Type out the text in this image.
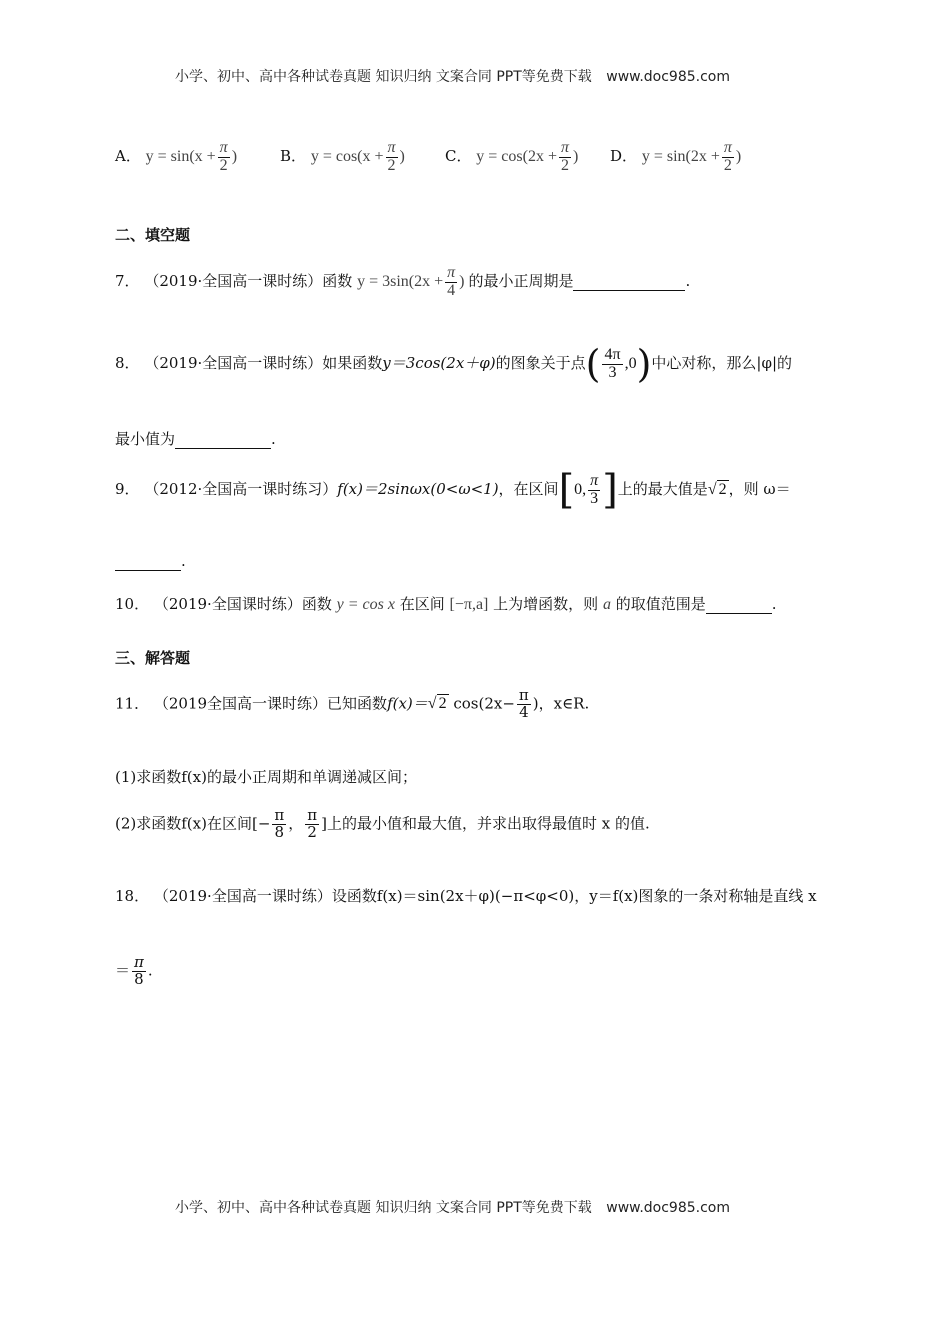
小学、初中、高中各种试卷真题 知识归纳 文案合同 PPT等免费下载 www.doc985.com
A． $y = \sin(x + \frac{\pi}{2}$ )	B． $y = \cos(x + \frac{\pi}{2}$ )	C． $y = \cos(2x + \frac{\pi}{2}$ ) D． $y = \sin(2x + \frac{\pi}{2}$ )
二、填空题
7． （2019·全国高一课时练）函数 $y = 3\sin(2x + \frac{\pi}{4}$ ) 的最小正周期是	.
8． （2019·全国高一课时练）如果函数y＝3cos(2x＋φ)的图象关于点( $\frac{4\pi}{3} ,0$)中心对称，那么|φ|的
最小值为	.
9． （2012·全国高一课时练习）f(x)＝2sinωx(0<ω<1)，在区间[0, $\frac{\pi}{3}$ ]上的最大值是√ 2 ，则 ω＝
.
10． （2019·全国课时练）函数 y = cos x 在区间 [−π,a] 上为增函数，则 a 的取值范围是	.
三、解答题
11． （2019全国高一课时练）已知函数f(x)＝√ 2 $\cos(2x- \frac{\pi}{4}$ )，x∈R.
(1)求函数f(x)的最小正周期和单调递减区间；
(2)求函数f(x)在区间[− $\frac{\pi}{8}$ ， $\frac{\pi}{2}$ ]上的最小值和最大值，并求出取得最值时 x 的值.
18． （2019·全国高一课时练）设函数f(x)＝sin(2x＋φ)(−π<φ<0)，y＝f(x)图象的一条对称轴是直线 x
＝ $\frac{\pi}{8}$ .
小学、初中、高中各种试卷真题 知识归纳 文案合同 PPT等免费下载 www.doc985.com
